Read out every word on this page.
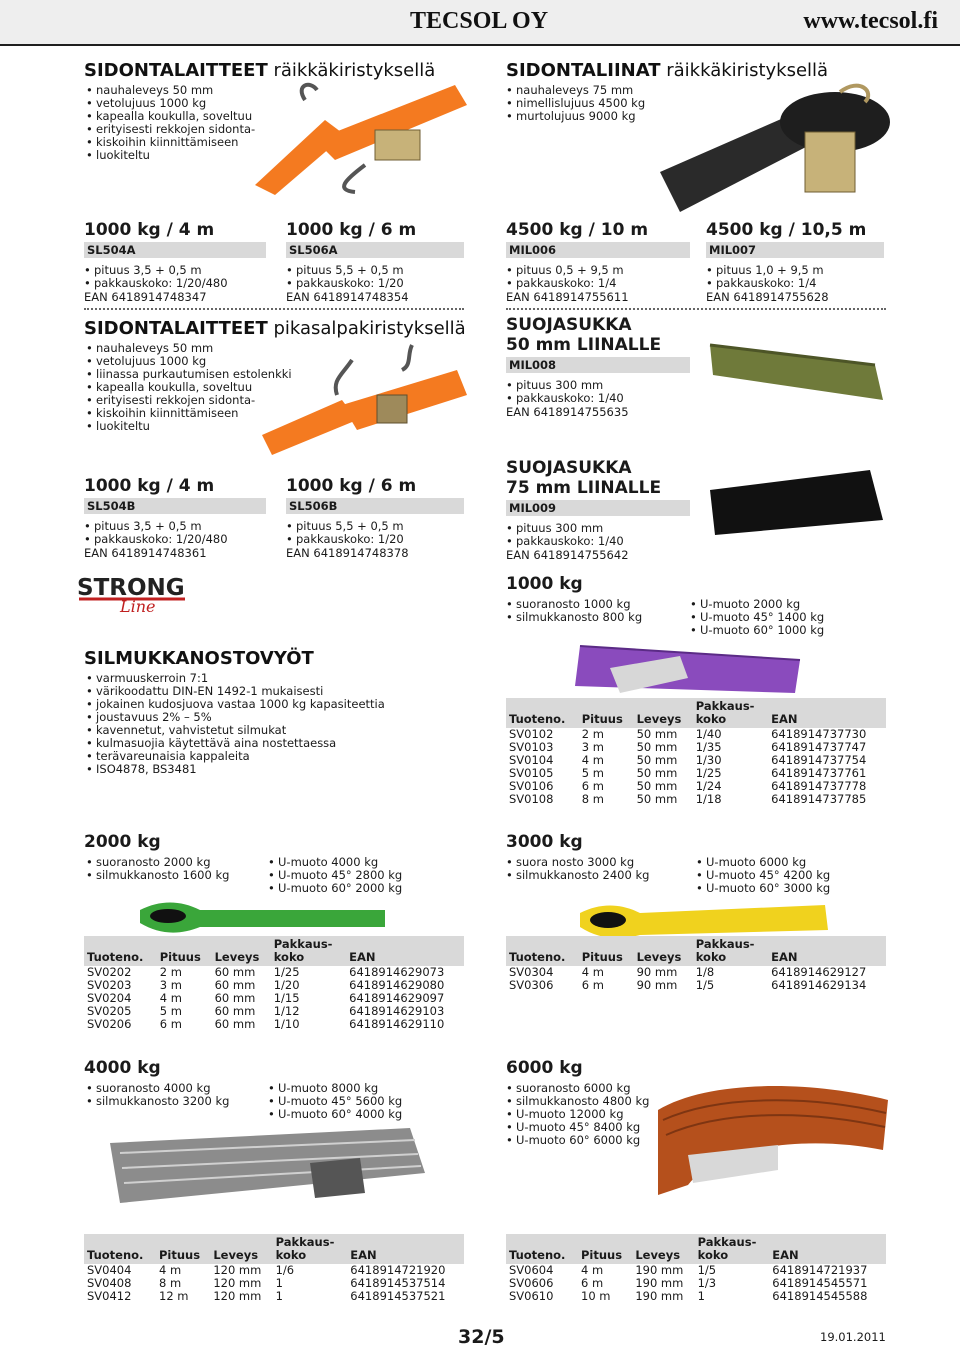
TECSOL OY	www.tecsol.fi
SIDONTALAITTEET räikkäkiristyksellä
• nauhaleveys 50 mm
• vetolujuus 1000 kg
• kapealla koukulla, soveltuu
• erityisesti rekkojen sidonta-
• kiskoihin kiinnittämiseen
• luokiteltu
SIDONTALIINAT räikkäkiristyksellä
• nauhaleveys 75 mm
• nimellislujuus 4500 kg
• murtolujuus 9000 kg
1000 kg / 4 m
SL504A
• pituus 3,5 + 0,5 m
• pakkauskoko: 1/20/480
EAN 6418914748347
1000 kg / 6 m
SL506A
• pituus 5,5 + 0,5 m
• pakkauskoko: 1/20
EAN 6418914748354
4500 kg / 10 m
MIL006
• pituus 0,5 + 9,5 m
• pakkauskoko: 1/4
EAN 6418914755611
4500 kg / 10,5 m
MIL007
• pituus 1,0 + 9,5 m
• pakkauskoko: 1/4
EAN 6418914755628
SIDONTALAITTEET pikasalpakiristyksellä
• nauhaleveys 50 mm
• vetolujuus 1000 kg
• liinassa purkautumisen estolenkki
• kapealla koukulla, soveltuu
• erityisesti rekkojen sidonta-
• kiskoihin kiinnittämiseen
• luokiteltu
SUOJASUKKA
50 mm LIINALLE
MIL008
• pituus 300 mm
• pakkauskoko: 1/40
EAN 6418914755635
1000 kg / 4 m
SL504B
• pituus 3,5 + 0,5 m
• pakkauskoko: 1/20/480
EAN 6418914748361
1000 kg / 6 m
SL506B
• pituus 5,5 + 0,5 m
• pakkauskoko: 1/20
EAN 6418914748378
SUOJASUKKA
75 mm LIINALLE
MIL009
• pituus 300 mm
• pakkauskoko: 1/40
EAN 6418914755642
STRONG
Line
SILMUKKANOSTOVYÖT
• varmuuskerroin 7:1
• värikoodattu DIN-EN 1492-1 mukaisesti
• jokainen kudosjuova vastaa 1000 kg kapasiteettia
• joustavuus 2% – 5%
• kavennetut, vahvistetut silmukat
• kulmasuojia käytettävä aina nostettaessa
• terävareunaisia kappaleita
• ISO4878, BS3481
1000 kg
• suoranosto 1000 kg
• silmukkanosto 800 kg
• U-muoto 2000 kg
• U-muoto 45° 1400 kg
• U-muoto 60° 1000 kg
Tuoteno.	Pituus	Leveys	Pakkaus-
koko	EAN
SV0102	2 m	50 mm	1/40	6418914737730
SV0103	3 m	50 mm	1/35	6418914737747
SV0104	4 m	50 mm	1/30	6418914737754
SV0105	5 m	50 mm	1/25	6418914737761
SV0106	6 m	50 mm	1/24	6418914737778
SV0108	8 m	50 mm	1/18	6418914737785
2000 kg
• suoranosto 2000 kg
• silmukkanosto 1600 kg
• U-muoto 4000 kg
• U-muoto 45° 2800 kg
• U-muoto 60° 2000 kg
Tuoteno.	Pituus	Leveys	Pakkaus-
koko	EAN
SV0202	2 m	60 mm	1/25	6418914629073
SV0203	3 m	60 mm	1/20	6418914629080
SV0204	4 m	60 mm	1/15	6418914629097
SV0205	5 m	60 mm	1/12	6418914629103
SV0206	6 m	60 mm	1/10	6418914629110
3000 kg
• suora nosto 3000 kg
• silmukkanosto 2400 kg
• U-muoto 6000 kg
• U-muoto 45° 4200 kg
• U-muoto 60° 3000 kg
Tuoteno.	Pituus	Leveys	Pakkaus-
koko	EAN
SV0304	4 m	90 mm	1/8	6418914629127
SV0306	6 m	90 mm	1/5	6418914629134
4000 kg
• suoranosto 4000 kg
• silmukkanosto 3200 kg
• U-muoto 8000 kg
• U-muoto 45° 5600 kg
• U-muoto 60° 4000 kg
Tuoteno.	Pituus	Leveys	Pakkaus-
koko	EAN
SV0404	4 m	120 mm	1/6	6418914721920
SV0408	8 m	120 mm	1	6418914537514
SV0412	12 m	120 mm	1	6418914537521
6000 kg
• suoranosto 6000 kg
• silmukkanosto 4800 kg
• U-muoto 12000 kg
• U-muoto 45° 8400 kg
• U-muoto 60° 6000 kg
Tuoteno.	Pituus	Leveys	Pakkaus-
koko	EAN
SV0604	4 m	190 mm	1/5	6418914721937
SV0606	6 m	190 mm	1/3	6418914545571
SV0610	10 m	190 mm	1	6418914545588
32/5	19.01.2011
